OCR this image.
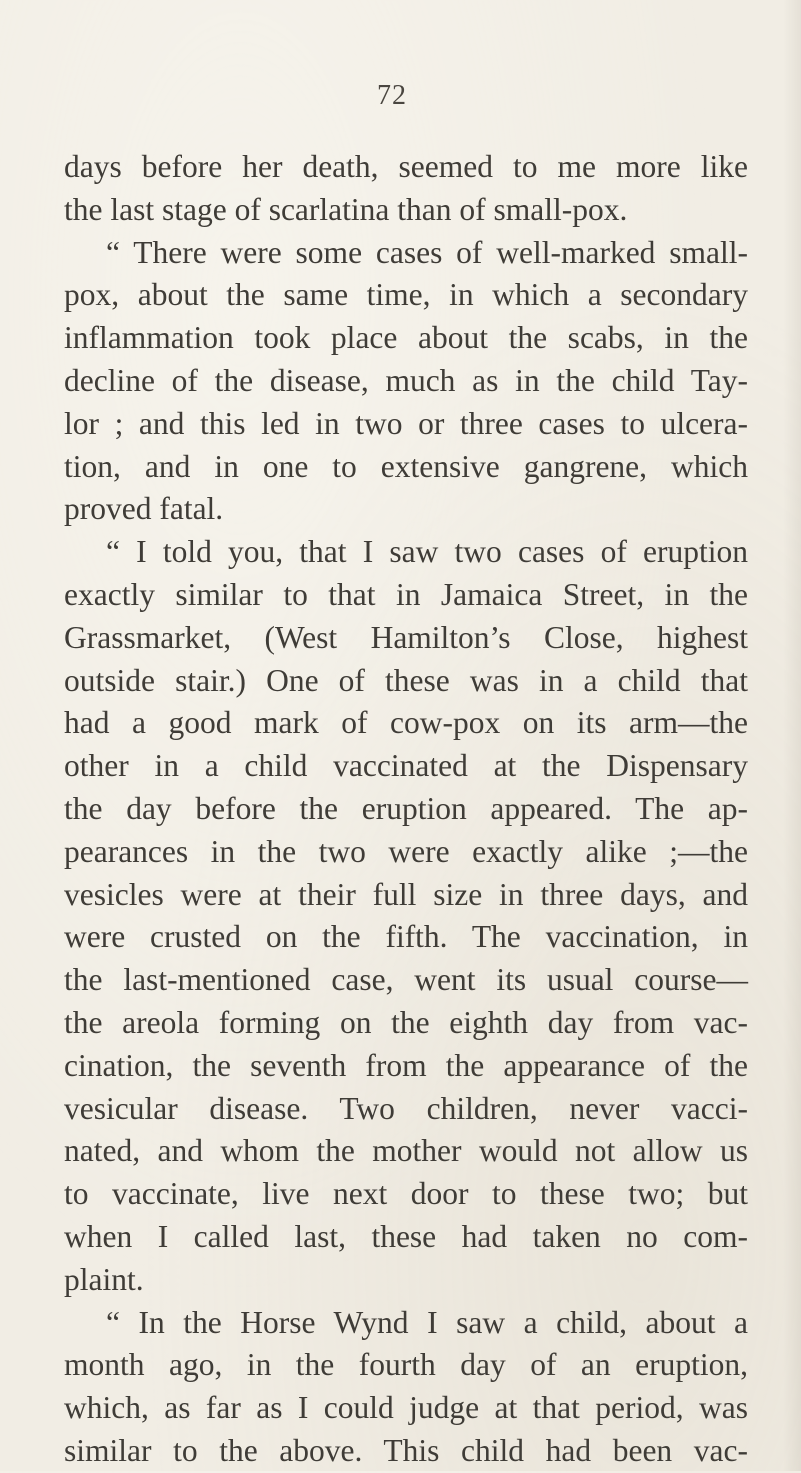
72
days before her death, seemed to me more like
the last stage of scarlatina than of small-pox.
“ There were some cases of well-marked small-
pox, about the same time, in which a secondary
inflammation took place about the scabs, in the
decline of the disease, much as in the child Tay-
lor ; and this led in two or three cases to ulcera-
tion, and in one to extensive gangrene, which
proved fatal.
“ I told you, that I saw two cases of eruption
exactly similar to that in Jamaica Street, in the
Grassmarket, (West Hamilton’s Close, highest
outside stair.) One of these was in a child that
had a good mark of cow-pox on its arm—the
other in a child vaccinated at the Dispensary
the day before the eruption appeared. The ap-
pearances in the two were exactly alike ;—the
vesicles were at their full size in three days, and
were crusted on the fifth. The vaccination, in
the last-mentioned case, went its usual course—
the areola forming on the eighth day from vac-
cination, the seventh from the appearance of the
vesicular disease. Two children, never vacci-
nated, and whom the mother would not allow us
to vaccinate, live next door to these two; but
when I called last, these had taken no com-
plaint.
“ In the Horse Wynd I saw a child, about a
month ago, in the fourth day of an eruption,
which, as far as I could judge at that period, was
similar to the above. This child had been vac-
